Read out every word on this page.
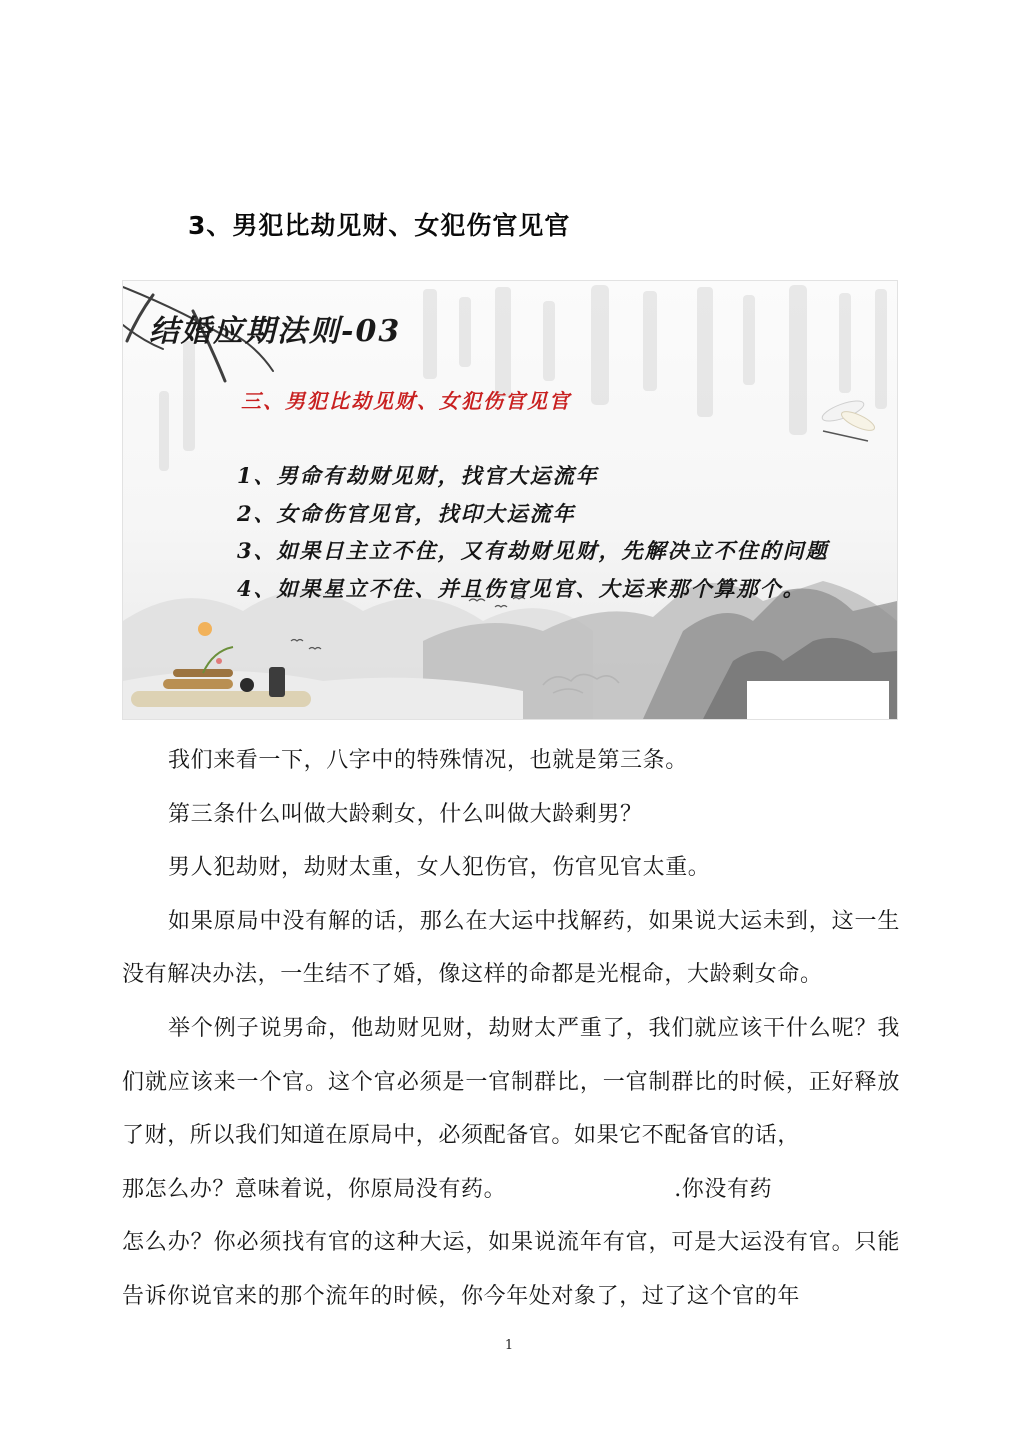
3、男犯比劫见财、女犯伤官见官
结婚应期法则-03
三、男犯比劫见财、女犯伤官见官
1、男命有劫财见财，找官大运流年
2、女命伤官见官，找印大运流年
3、如果日主立不住，又有劫财见财，先解决立不住的问题
4、如果星立不住、并且伤官见官、大运来那个算那个。

我们来看一下，八字中的特殊情况，也就是第三条。

第三条什么叫做大龄剩女，什么叫做大龄剩男？

男人犯劫财，劫财太重，女人犯伤官，伤官见官太重。

如果原局中没有解的话，那么在大运中找解药，如果说大运未到，这一生没有解决办法，一生结不了婚，像这样的命都是光棍命，大龄剩女命。

举个例子说男命，他劫财见财，劫财太严重了，我们就应该干什么呢？我们就应该来一个官。这个官必须是一官制群比，一官制群比的时候，正好释放了财，所以我们知道在原局中，必须配备官。如果它不配备官的话，

那怎么办？意味着说，你原局没有药。	.你没有药

怎么办？你必须找有官的这种大运，如果说流年有官，可是大运没有官。只能告诉你说官来的那个流年的时候，你今年处对象了，过了这个官的年

1
